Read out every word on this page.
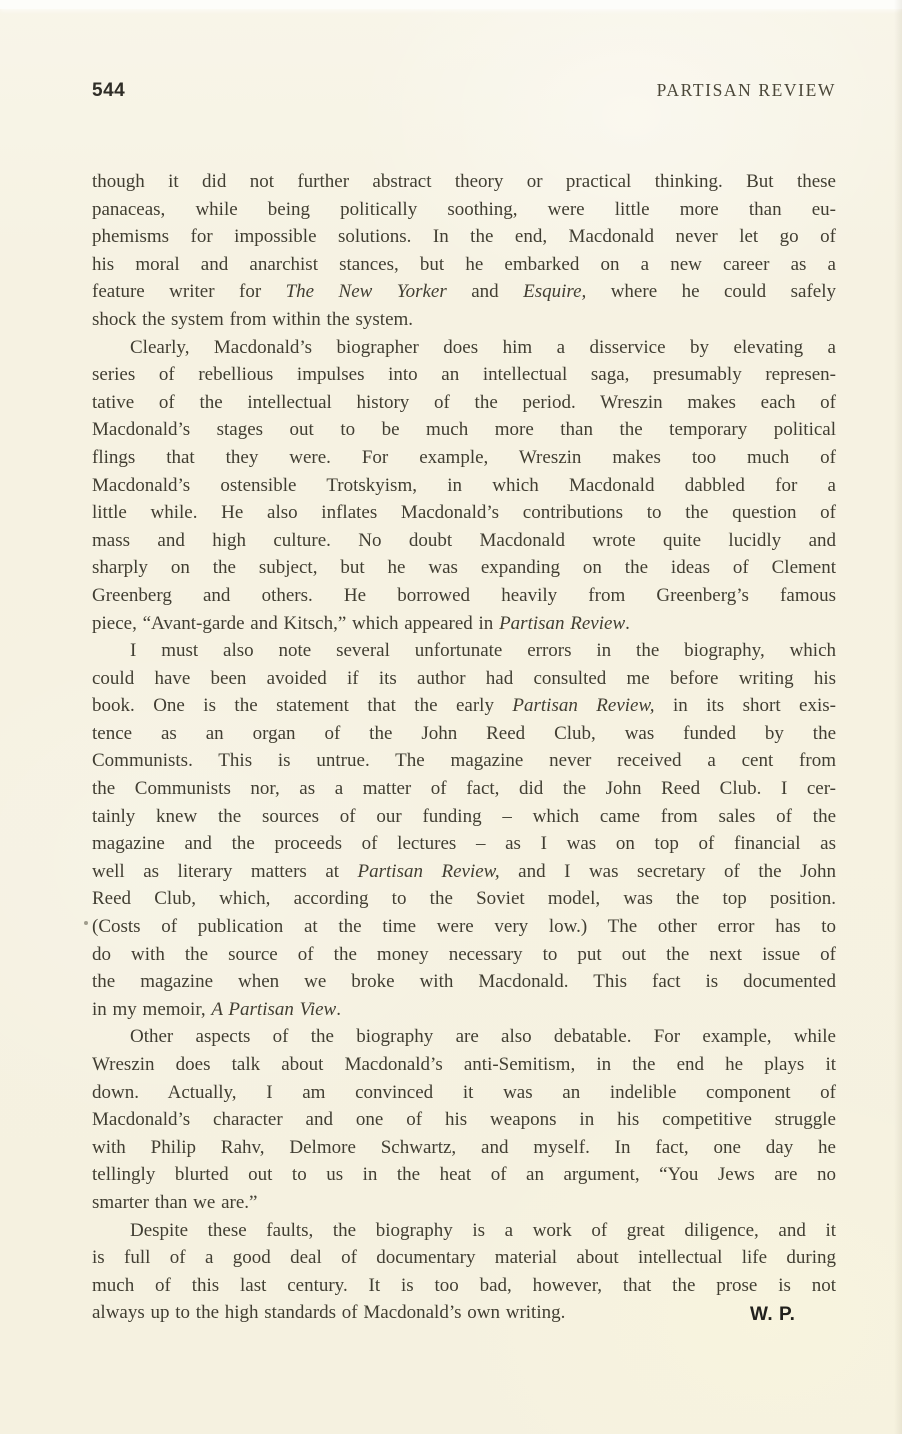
544	PARTISAN REVIEW
though it did not further abstract theory or practical thinking. But these
panaceas, while being politically soothing, were little more than eu-
phemisms for impossible solutions. In the end, Macdonald never let go of
his moral and anarchist stances, but he embarked on a new career as a
feature writer for The New Yorker and Esquire, where he could safely
shock the system from within the system.
Clearly, Macdonald’s biographer does him a disservice by elevating a
series of rebellious impulses into an intellectual saga, presumably represen-
tative of the intellectual history of the period. Wreszin makes each of
Macdonald’s stages out to be much more than the temporary political
flings that they were. For example, Wreszin makes too much of
Macdonald’s ostensible Trotskyism, in which Macdonald dabbled for a
little while. He also inflates Macdonald’s contributions to the question of
mass and high culture. No doubt Macdonald wrote quite lucidly and
sharply on the subject, but he was expanding on the ideas of Clement
Greenberg and others. He borrowed heavily from Greenberg’s famous
piece, “Avant-garde and Kitsch,” which appeared in Partisan Review.
I must also note several unfortunate errors in the biography, which
could have been avoided if its author had consulted me before writing his
book. One is the statement that the early Partisan Review, in its short exis-
tence as an organ of the John Reed Club, was funded by the
Communists. This is untrue. The magazine never received a cent from
the Communists nor, as a matter of fact, did the John Reed Club. I cer-
tainly knew the sources of our funding – which came from sales of the
magazine and the proceeds of lectures – as I was on top of financial as
well as literary matters at Partisan Review, and I was secretary of the John
Reed Club, which, according to the Soviet model, was the top position.
(Costs of publication at the time were very low.) The other error has to
do with the source of the money necessary to put out the next issue of
the magazine when we broke with Macdonald. This fact is documented
in my memoir, A Partisan View.
Other aspects of the biography are also debatable. For example, while
Wreszin does talk about Macdonald’s anti-Semitism, in the end he plays it
down. Actually, I am convinced it was an indelible component of
Macdonald’s character and one of his weapons in his competitive struggle
with Philip Rahv, Delmore Schwartz, and myself. In fact, one day he
tellingly blurted out to us in the heat of an argument, “You Jews are no
smarter than we are.”
Despite these faults, the biography is a work of great diligence, and it
is full of a good deal of documentary material about intellectual life during
much of this last century. It is too bad, however, that the prose is not
always up to the high standards of Macdonald’s own writing.	W. P.
